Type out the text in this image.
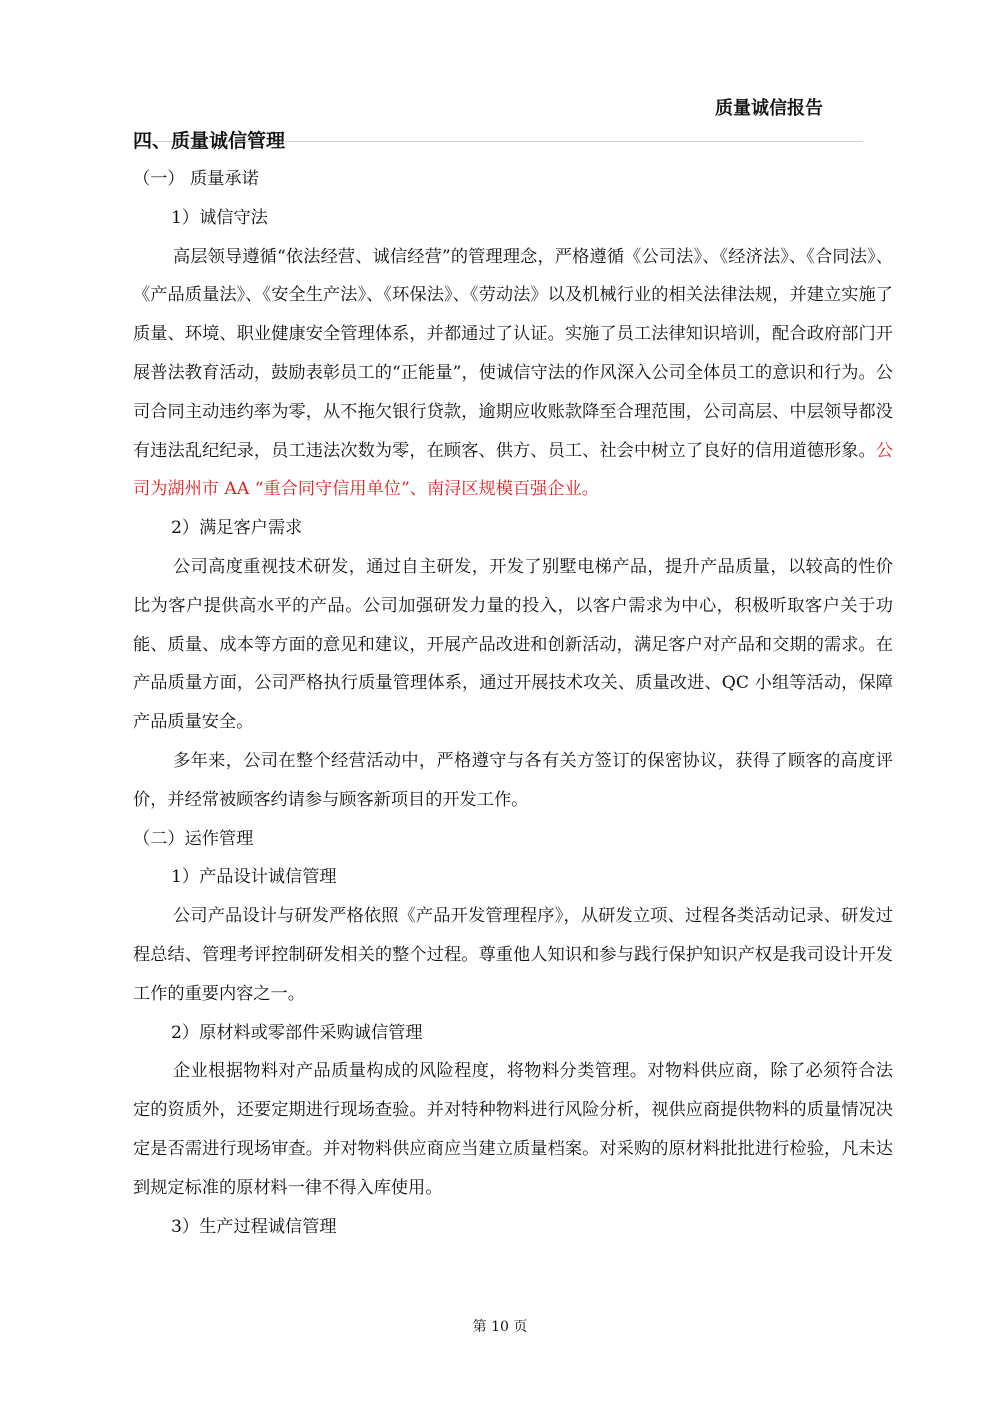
质量诚信报告
四、质量诚信管理

（一） 质量承诺

1）诚信守法

高层领导遵循“依法经营、诚信经营”的管理理念，严格遵循《公司法》、《经济法》、《合同法》、《产品质量法》、《安全生产法》、《环保法》、《劳动法》以及机械行业的相关法律法规，并建立实施了质量、环境、职业健康安全管理体系，并都通过了认证。实施了员工法律知识培训，配合政府部门开展普法教育活动，鼓励表彰员工的“正能量”，使诚信守法的作风深入公司全体员工的意识和行为。公司合同主动违约率为零，从不拖欠银行贷款，逾期应收账款降至合理范围，公司高层、中层领导都没有违法乱纪纪录，员工违法次数为零，在顾客、供方、员工、社会中树立了良好的信用道德形象。公司为湖州市 AA “重合同守信用单位”、南浔区规模百强企业。

2）满足客户需求

公司高度重视技术研发，通过自主研发，开发了别墅电梯产品，提升产品质量，以较高的性价比为客户提供高水平的产品。公司加强研发力量的投入，以客户需求为中心，积极听取客户关于功能、质量、成本等方面的意见和建议，开展产品改进和创新活动，满足客户对产品和交期的需求。在产品质量方面，公司严格执行质量管理体系，通过开展技术攻关、质量改进、QC 小组等活动，保障产品质量安全。

多年来，公司在整个经营活动中，严格遵守与各有关方签订的保密协议，获得了顾客的高度评价，并经常被顾客约请参与顾客新项目的开发工作。

（二）运作管理

1）产品设计诚信管理

公司产品设计与研发严格依照《产品开发管理程序》，从研发立项、过程各类活动记录、研发过程总结、管理考评控制研发相关的整个过程。尊重他人知识和参与践行保护知识产权是我司设计开发工作的重要内容之一。

2）原材料或零部件采购诚信管理

企业根据物料对产品质量构成的风险程度，将物料分类管理。对物料供应商，除了必须符合法定的资质外，还要定期进行现场查验。并对特种物料进行风险分析，视供应商提供物料的质量情况决定是否需进行现场审查。并对物料供应商应当建立质量档案。对采购的原材料批批进行检验，凡未达到规定标准的原材料一律不得入库使用。

3）生产过程诚信管理

第 10 页
